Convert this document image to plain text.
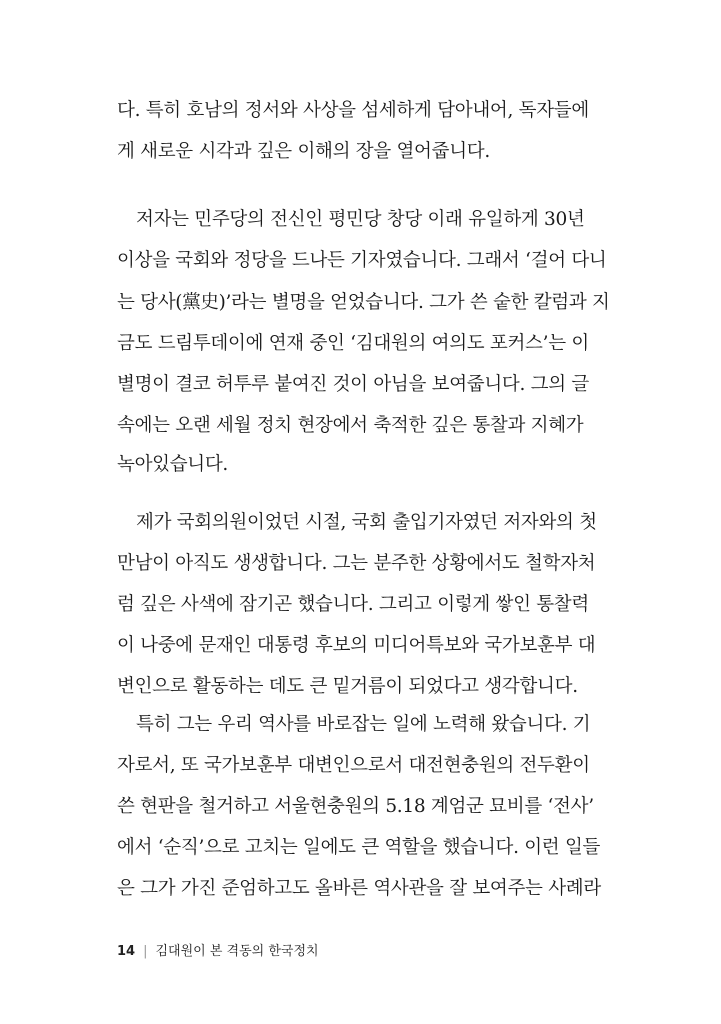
다. 특히 호남의 정서와 사상을 섬세하게 담아내어, 독자들에
게 새로운 시각과 깊은 이해의 장을 열어줍니다.
저자는 민주당의 전신인 평민당 창당 이래 유일하게 30년
이상을 국회와 정당을 드나든 기자였습니다. 그래서 ‘걸어 다니
는 당사(黨史)’라는 별명을 얻었습니다. 그가 쓴 숱한 칼럼과 지
금도 드림투데이에 연재 중인 ‘김대원의 여의도 포커스’는 이
별명이 결코 허투루 붙여진 것이 아님을 보여줍니다. 그의 글
속에는 오랜 세월 정치 현장에서 축적한 깊은 통찰과 지혜가
녹아있습니다.
제가 국회의원이었던 시절, 국회 출입기자였던 저자와의 첫
만남이 아직도 생생합니다. 그는 분주한 상황에서도 철학자처
럼 깊은 사색에 잠기곤 했습니다. 그리고 이렇게 쌓인 통찰력
이 나중에 문재인 대통령 후보의 미디어특보와 국가보훈부 대
변인으로 활동하는 데도 큰 밑거름이 되었다고 생각합니다.
특히 그는 우리 역사를 바로잡는 일에 노력해 왔습니다. 기
자로서, 또 국가보훈부 대변인으로서 대전현충원의 전두환이
쓴 현판을 철거하고 서울현충원의 5.18 계엄군 묘비를 ‘전사’
에서 ‘순직’으로 고치는 일에도 큰 역할을 했습니다. 이런 일들
은 그가 가진 준엄하고도 올바른 역사관을 잘 보여주는 사례라
14 | 김대원이 본 격동의 한국정치
